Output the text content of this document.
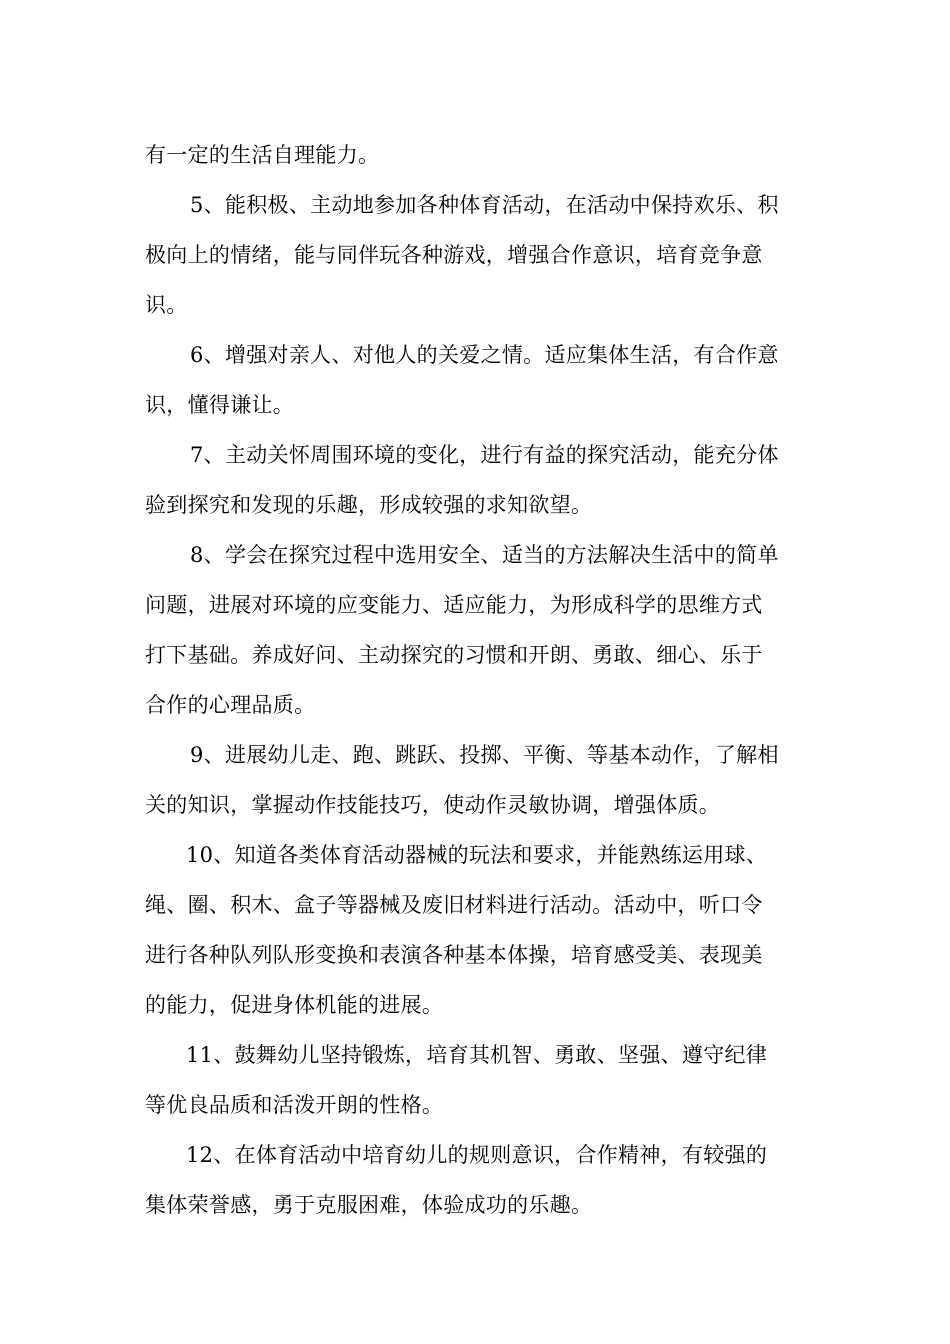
有一定的生活自理能力。
5、能积极、主动地参加各种体育活动，在活动中保持欢乐、积
极向上的情绪，能与同伴玩各种游戏，增强合作意识，培育竞争意
识。
6、增强对亲人、对他人的关爱之情。适应集体生活，有合作意
识，懂得谦让。
7、主动关怀周围环境的变化，进行有益的探究活动，能充分体
验到探究和发现的乐趣，形成较强的求知欲望。
8、学会在探究过程中选用安全、适当的方法解决生活中的简单
问题，进展对环境的应变能力、适应能力，为形成科学的思维方式
打下基础。养成好问、主动探究的习惯和开朗、勇敢、细心、乐于
合作的心理品质。
9、进展幼儿走、跑、跳跃、投掷、平衡、等基本动作，了解相
关的知识，掌握动作技能技巧，使动作灵敏协调，增强体质。
10、知道各类体育活动器械的玩法和要求，并能熟练运用球、
绳、圈、积木、盒子等器械及废旧材料进行活动。活动中，听口令
进行各种队列队形变换和表演各种基本体操，培育感受美、表现美
的能力，促进身体机能的进展。
11、鼓舞幼儿坚持锻炼，培育其机智、勇敢、坚强、遵守纪律
等优良品质和活泼开朗的性格。
12、在体育活动中培育幼儿的规则意识，合作精神，有较强的
集体荣誉感，勇于克服困难，体验成功的乐趣。
